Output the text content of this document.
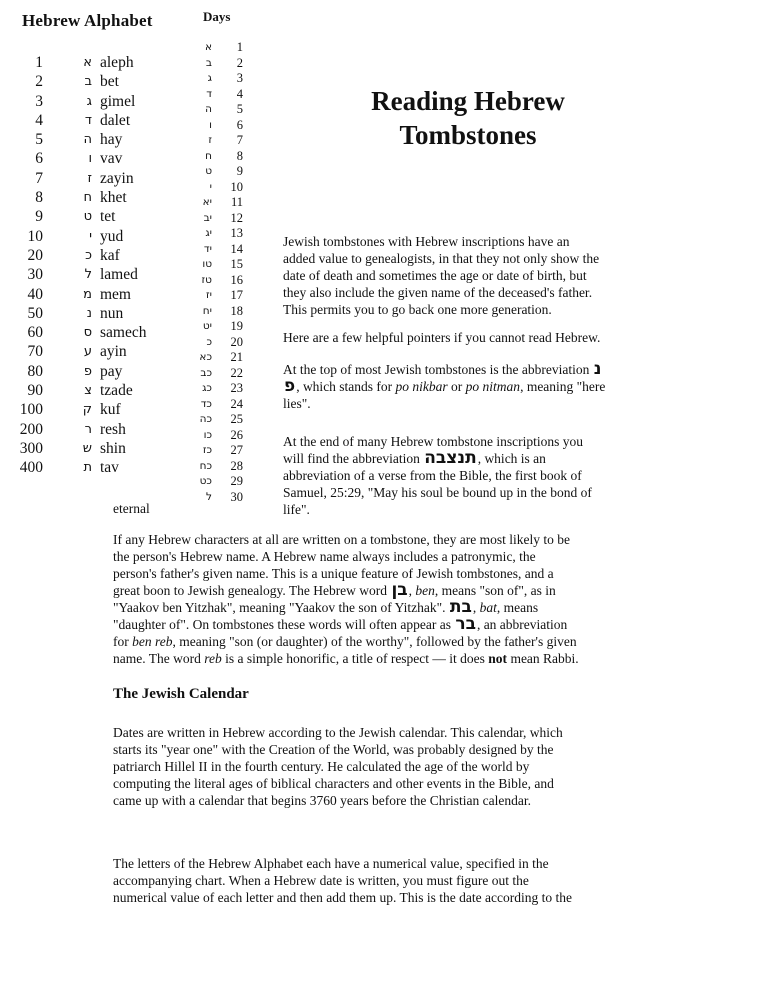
Hebrew Alphabet	Days
1	א aleph
2	ב bet
3	ג gimel
4	ד dalet
5	ה hay
6	ו vav
7	ז zayin
8	ח khet
9	ט tet
10	י yud
20	כ kaf
30	ל lamed
40	מ mem
50	נ nun
60	ס samech
70	ע ayin
80	פ pay
90	צ tzade
100	ק kuf
200	ר resh
300	ש shin
400	ת tav
א	1
ב	2
ג	3
ד	4
ה	5
ו	6
ז	7
ח	8
ט	9
י	10
יא	11
יב	12
יג	13
יד	14
טו	15
טז	16
יז	17
יח	18
יט	19
כ	20
כא	21
כב	22
כג	23
כד	24
כה	25
כו	26
כז	27
כח	28
כט	29
ל	30
eternal
Reading Hebrew
Tombstones
Jewish tombstones with Hebrew inscriptions have an
added value to genealogists, in that they not only show the
date of death and sometimes the age or date of birth, but
they also include the given name of the deceased's father.
This permits you to go back one more generation.
Here are a few helpful pointers if you cannot read Hebrew.
At the top of most Jewish tombstones is the abbreviation נ
פ, which stands for po nikbar or po nitman, meaning "here
lies".
At the end of many Hebrew tombstone inscriptions you
will find the abbreviation תנצבה, which is an
abbreviation of a verse from the Bible, the first book of
Samuel, 25:29, "May his soul be bound up in the bond of
life".
If any Hebrew characters at all are written on a tombstone, they are most likely to be
the person's Hebrew name. A Hebrew name always includes a patronymic, the
person's father's given name. This is a unique feature of Jewish tombstones, and a
great boon to Jewish genealogy. The Hebrew word בן, ben, means "son of", as in
"Yaakov ben Yitzhak", meaning "Yaakov the son of Yitzhak". בת, bat, means
"daughter of". On tombstones these words will often appear as בר, an abbreviation
for ben reb, meaning "son (or daughter) of the worthy", followed by the father's given
name. The word reb is a simple honorific, a title of respect — it does not mean Rabbi.
The Jewish Calendar
Dates are written in Hebrew according to the Jewish calendar. This calendar, which
starts its "year one" with the Creation of the World, was probably designed by the
patriarch Hillel II in the fourth century. He calculated the age of the world by
computing the literal ages of biblical characters and other events in the Bible, and
came up with a calendar that begins 3760 years before the Christian calendar.
The letters of the Hebrew Alphabet each have a numerical value, specified in the
accompanying chart. When a Hebrew date is written, you must figure out the
numerical value of each letter and then add them up. This is the date according to the
